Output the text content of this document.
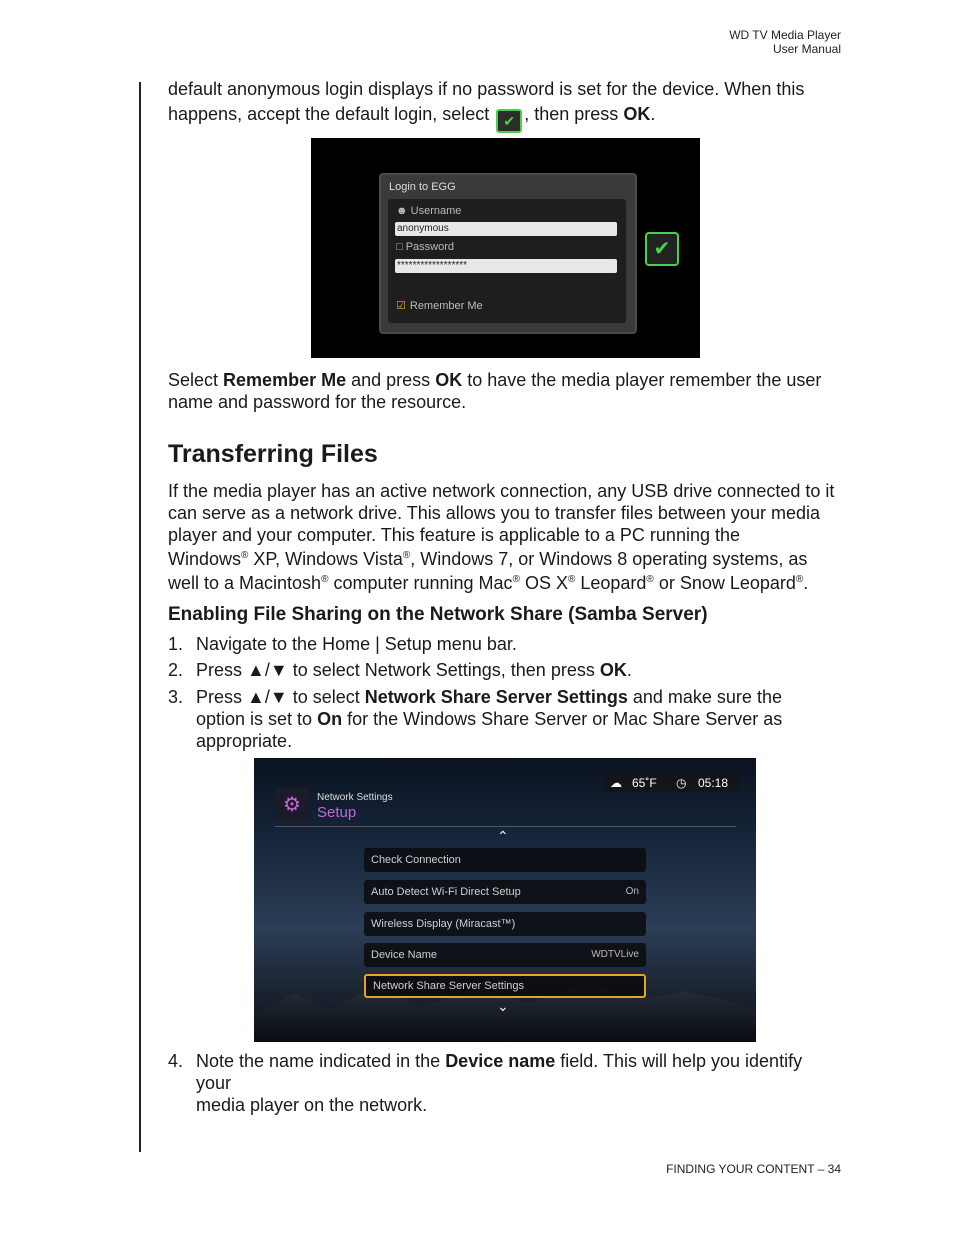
WD TV Media Player
User Manual
default anonymous login displays if no password is set for the device. When this
happens, accept the default login, select ✔ , then press OK.
Login to EGG
☻ Username
anonymous
□ Password
******************
☑ Remember Me
✔
Select Remember Me and press OK to have the media player remember the user
name and password for the resource.
Transferring Files
If the media player has an active network connection, any USB drive connected to it
can serve as a network drive. This allows you to transfer files between your media
player and your computer. This feature is applicable to a PC running the
Windows® XP, Windows Vista®, Windows 7, or Windows 8 operating systems, as
well to a Macintosh® computer running Mac® OS X® Leopard® or Snow Leopard®.
Enabling File Sharing on the Network Share (Samba Server)
1. Navigate to the Home | Setup menu bar.
2. Press ▲/▼ to select Network Settings, then press OK.
3. Press ▲/▼ to select Network Share Server Settings and make sure the
option is set to On for the Windows Share Server or Mac Share Server as
appropriate.
☁ 65˚F ◷ 05:18
⚙	Network Settings
Setup
⌃
Check Connection
Auto Detect Wi-Fi Direct Setup	On
Wireless Display (Miracast™)
Device Name	WDTVLive
Network Share Server Settings
⌄
4. Note the name indicated in the Device name field. This will help you identify your
media player on the network.
FINDING YOUR CONTENT – 34
